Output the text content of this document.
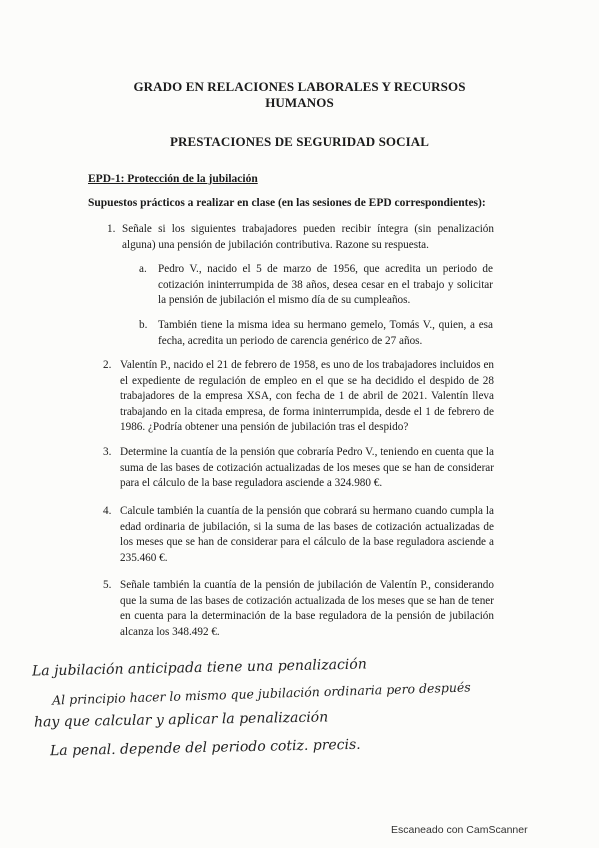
GRADO EN RELACIONES LABORALES Y RECURSOS
HUMANOS
PRESTACIONES DE SEGURIDAD SOCIAL
EPD-1: Protección de la jubilación
Supuestos prácticos a realizar en clase (en las sesiones de EPD correspondientes):
1. Señale si los siguientes trabajadores pueden recibir íntegra (sin penalización alguna) una pensión de jubilación contributiva. Razone su respuesta.
a. Pedro V., nacido el 5 de marzo de 1956, que acredita un periodo de cotización ininterrumpida de 38 años, desea cesar en el trabajo y solicitar la pensión de jubilación el mismo día de su cumpleaños.
b. También tiene la misma idea su hermano gemelo, Tomás V., quien, a esa fecha, acredita un periodo de carencia genérico de 27 años.
2. Valentín P., nacido el 21 de febrero de 1958, es uno de los trabajadores incluidos en el expediente de regulación de empleo en el que se ha decidido el despido de 28 trabajadores de la empresa XSA, con fecha de 1 de abril de 2021. Valentín lleva trabajando en la citada empresa, de forma ininterrumpida, desde el 1 de febrero de 1986. ¿Podría obtener una pensión de jubilación tras el despido?
3. Determine la cuantía de la pensión que cobraría Pedro V., teniendo en cuenta que la suma de las bases de cotización actualizadas de los meses que se han de considerar para el cálculo de la base reguladora asciende a 324.980 €.
4. Calcule también la cuantía de la pensión que cobrará su hermano cuando cumpla la edad ordinaria de jubilación, si la suma de las bases de cotización actualizadas de los meses que se han de considerar para el cálculo de la base reguladora asciende a 235.460 €.
5. Señale también la cuantía de la pensión de jubilación de Valentín P., considerando que la suma de las bases de cotización actualizada de los meses que se han de tener en cuenta para la determinación de la base reguladora de la pensión de jubilación alcanza los 348.492 €.
La jubilación anticipada tiene una penalización
Al principio hacer lo mismo que jubilación ordinaria pero después
hay que calcular y aplicar la penalización
La penal. depende del periodo cotiz. precis.
Escaneado con CamScanner
